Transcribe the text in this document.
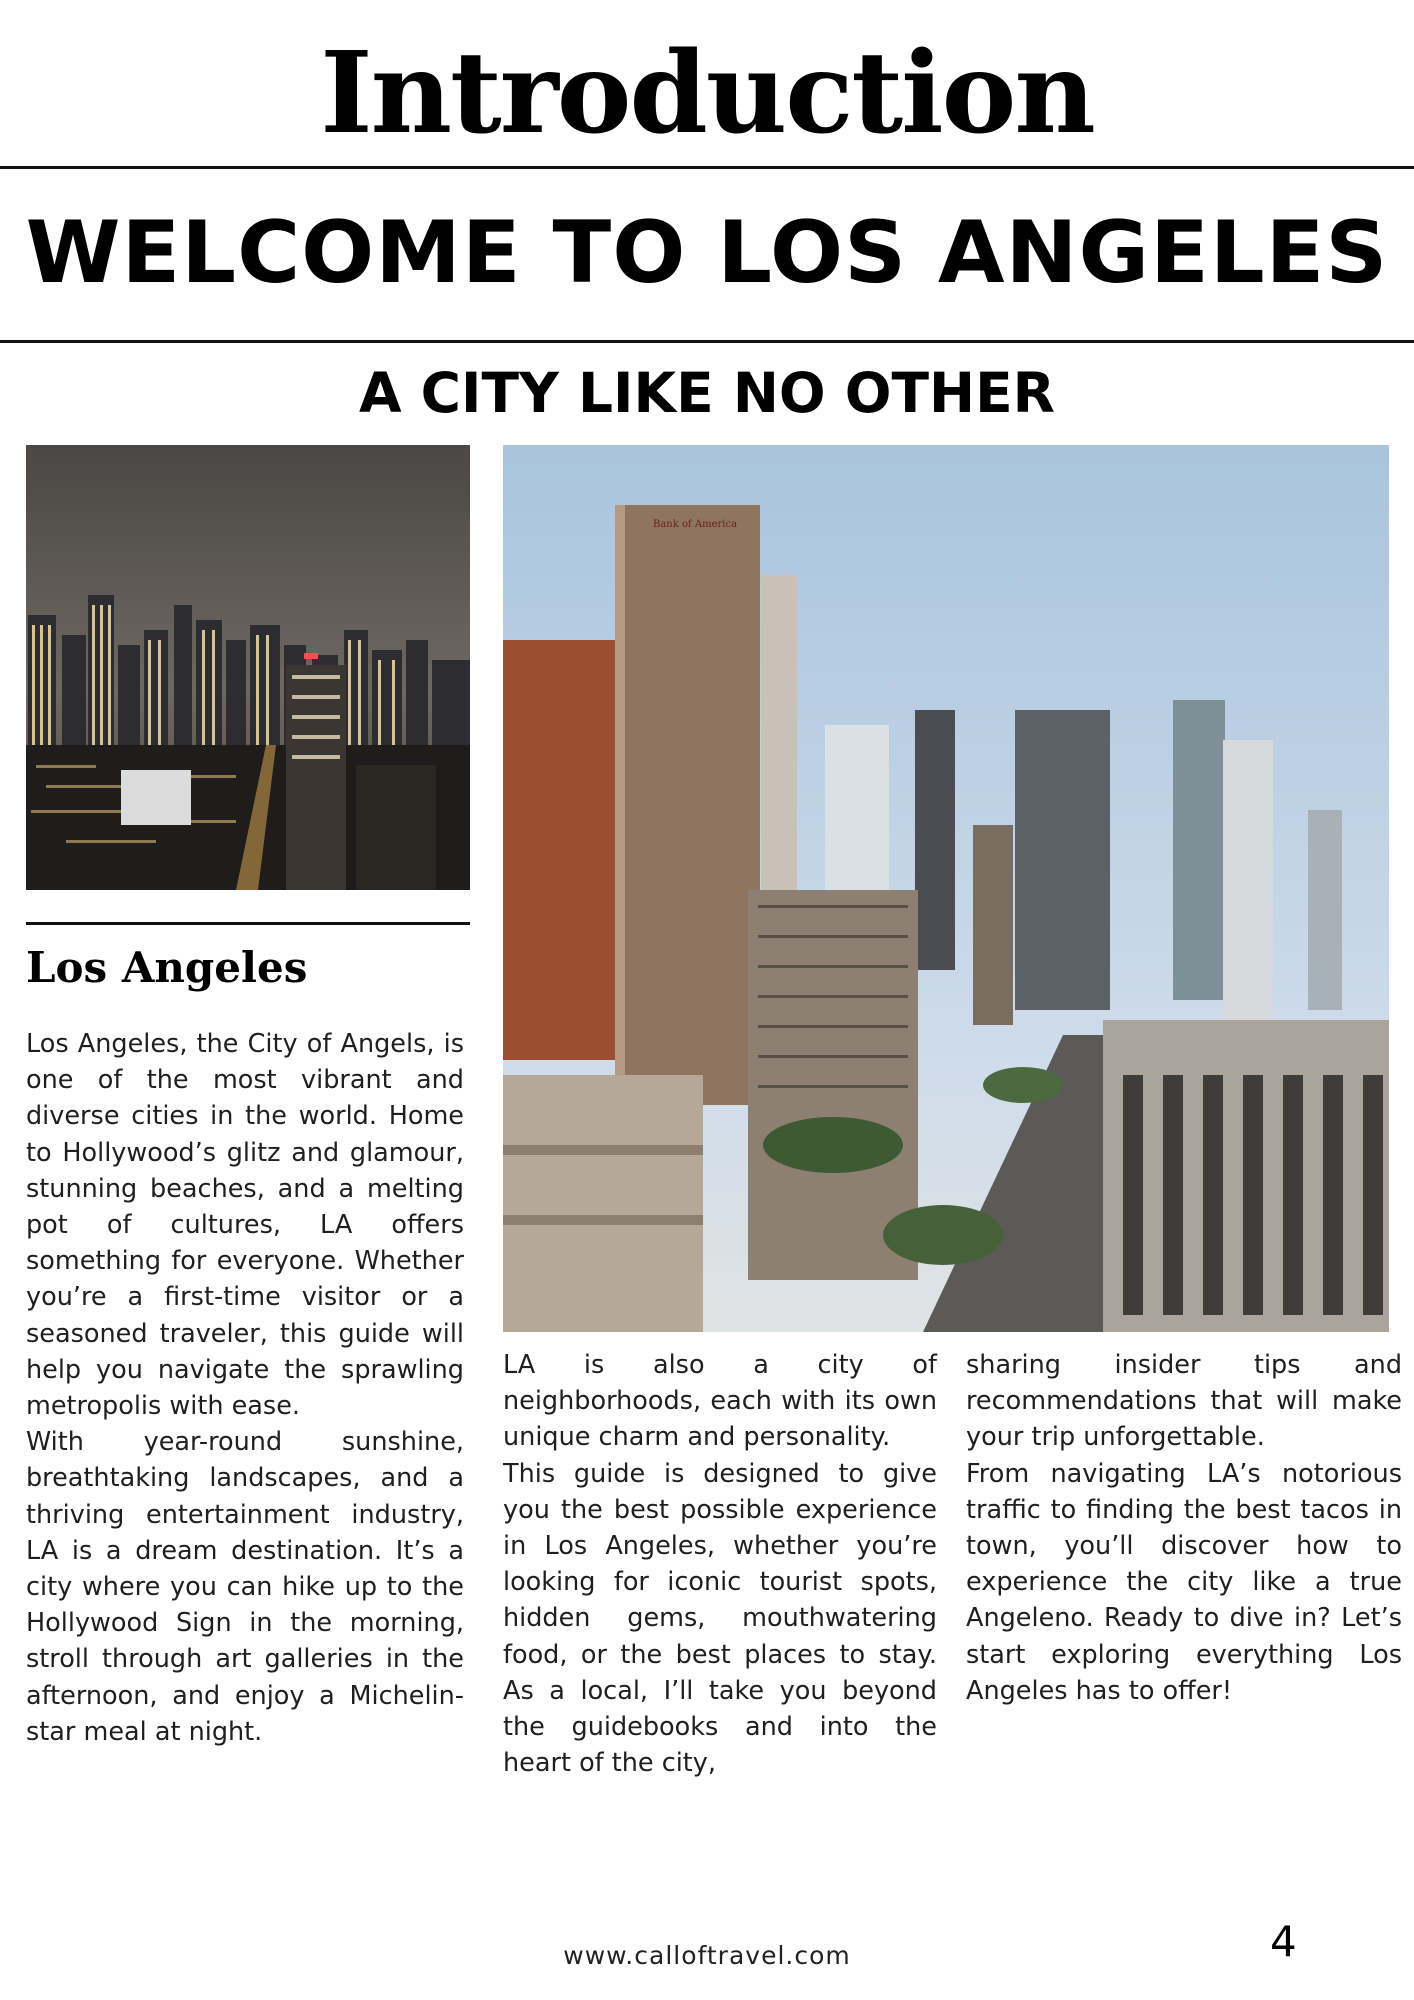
Introduction
WELCOME TO LOS ANGELES
A CITY LIKE NO OTHER
Bank of America
Los Angeles

Los Angeles, the City of Angels, is one of the most vibrant and diverse cities in the world. Home to Hollywood’s glitz and glamour, stunning beaches, and a melting pot of cultures, LA offers something for everyone. Whether you’re a first-time visitor or a seasoned traveler, this guide will help you navigate the sprawling metropolis with ease.

With year-round sunshine, breathtaking landscapes, and a thriving entertainment industry, LA is a dream destination. It’s a city where you can hike up to the Hollywood Sign in the morning, stroll through art galleries in the afternoon, and enjoy a Michelin-star meal at night.

LA is also a city of neighborhoods, each with its own unique charm and personality.

This guide is designed to give you the best possible experience in Los Angeles, whether you’re looking for iconic tourist spots, hidden gems, mouthwatering food, or the best places to stay. As a local, I’ll take you beyond the guidebooks and into the heart of the city,

sharing insider tips and recommendations that will make your trip unforgettable.

From navigating LA’s notorious traffic to finding the best tacos in town, you’ll discover how to experience the city like a true Angeleno. Ready to dive in? Let’s start exploring everything Los Angeles has to offer!

www.calloftravel.com	4
